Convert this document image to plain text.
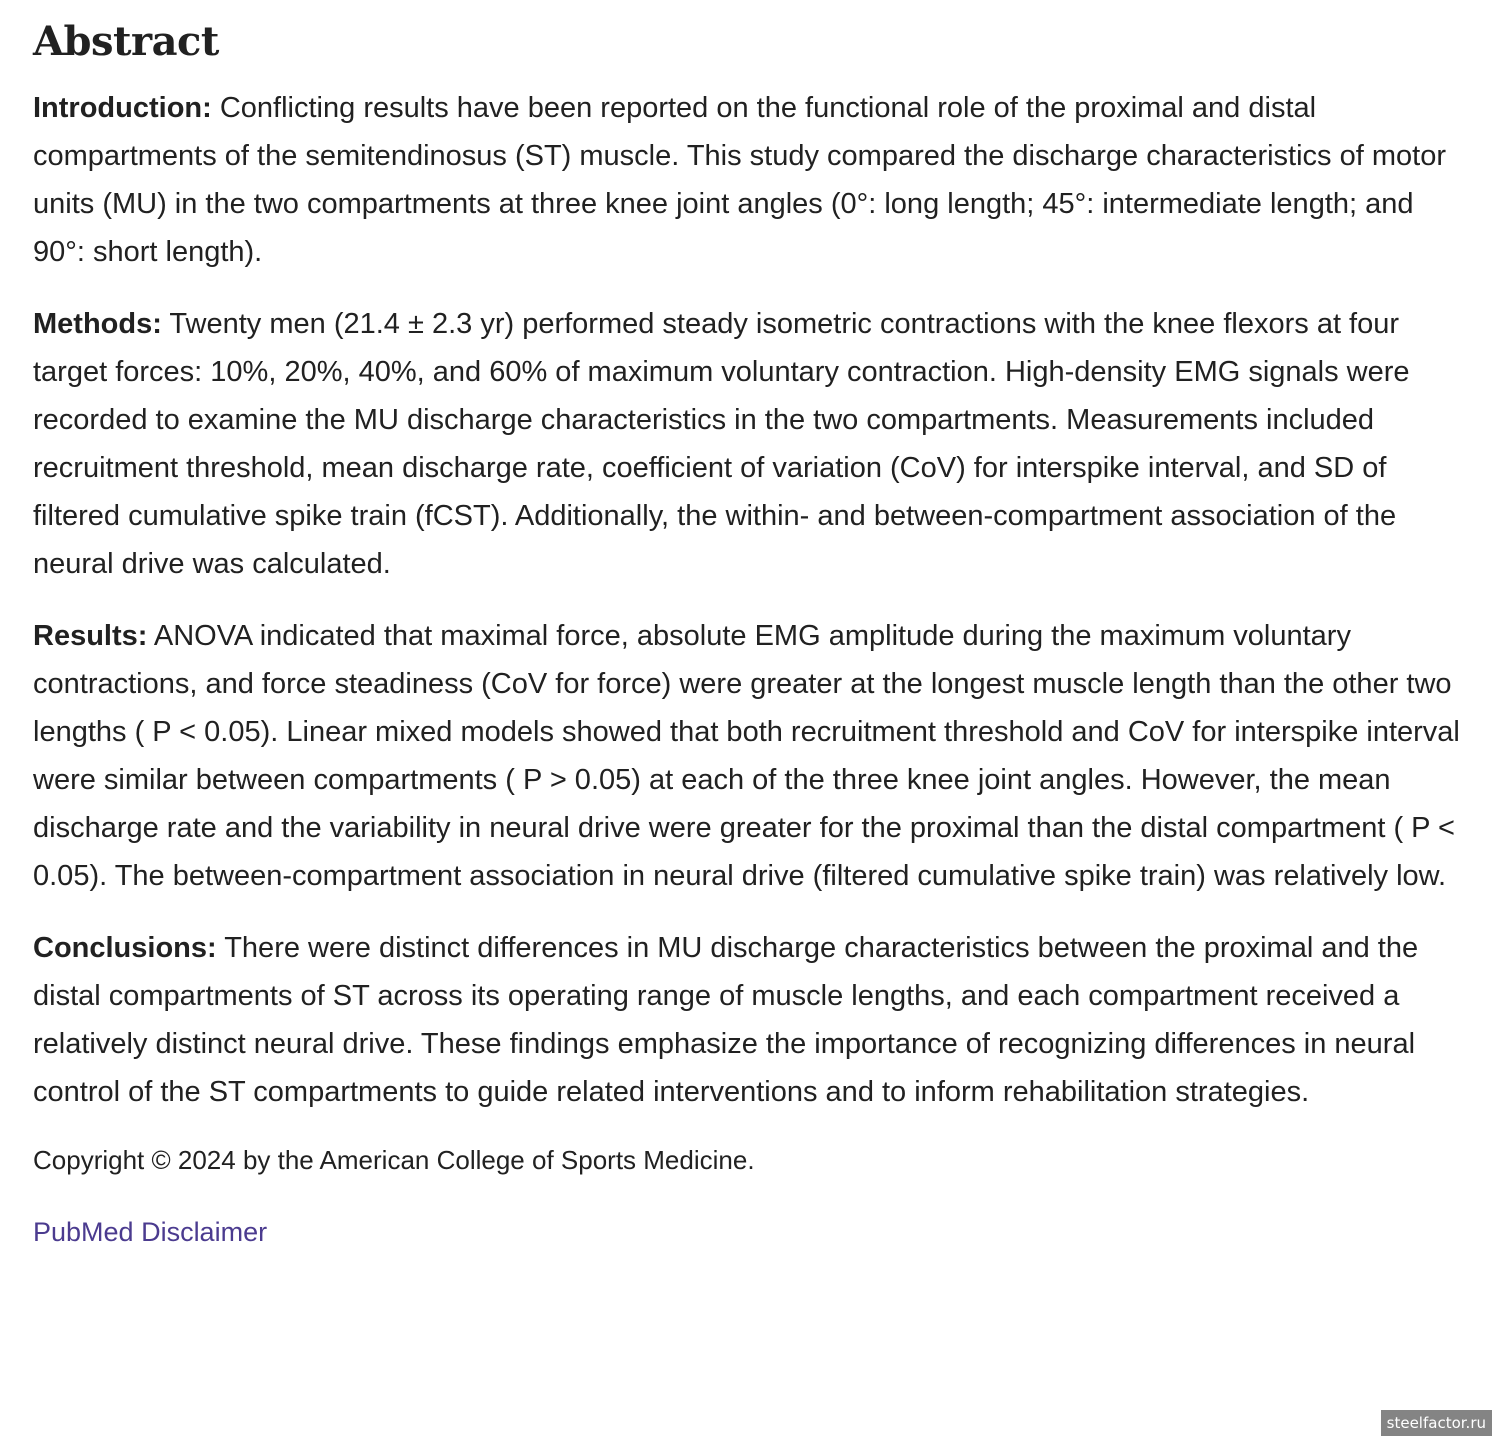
Abstract

Introduction: Conflicting results have been reported on the functional role of the proximal and distal compartments of the semitendinosus (ST) muscle. This study compared the discharge characteristics of motor units (MU) in the two compartments at three knee joint angles (0°: long length; 45°: intermediate length; and 90°: short length).

Methods: Twenty men (21.4 ± 2.3 yr) performed steady isometric contractions with the knee flexors at four target forces: 10%, 20%, 40%, and 60% of maximum voluntary contraction. High-density EMG signals were recorded to examine the MU discharge characteristics in the two compartments. Measurements included recruitment threshold, mean discharge rate, coefficient of variation (CoV) for interspike interval, and SD of filtered cumulative spike train (fCST). Additionally, the within- and between-compartment association of the neural drive was calculated.

Results: ANOVA indicated that maximal force, absolute EMG amplitude during the maximum voluntary contractions, and force steadiness (CoV for force) were greater at the longest muscle length than the other two lengths ( P < 0.05). Linear mixed models showed that both recruitment threshold and CoV for interspike interval were similar between compartments ( P > 0.05) at each of the three knee joint angles. However, the mean discharge rate and the variability in neural drive were greater for the proximal than the distal compartment ( P < 0.05). The between-compartment association in neural drive (filtered cumulative spike train) was relatively low.

Conclusions: There were distinct differences in MU discharge characteristics between the proximal and the distal compartments of ST across its operating range of muscle lengths, and each compartment received a relatively distinct neural drive. These findings emphasize the importance of recognizing differences in neural control of the ST compartments to guide related interventions and to inform rehabilitation strategies.

Copyright © 2024 by the American College of Sports Medicine.

PubMed Disclaimer
steelfactor.ru
